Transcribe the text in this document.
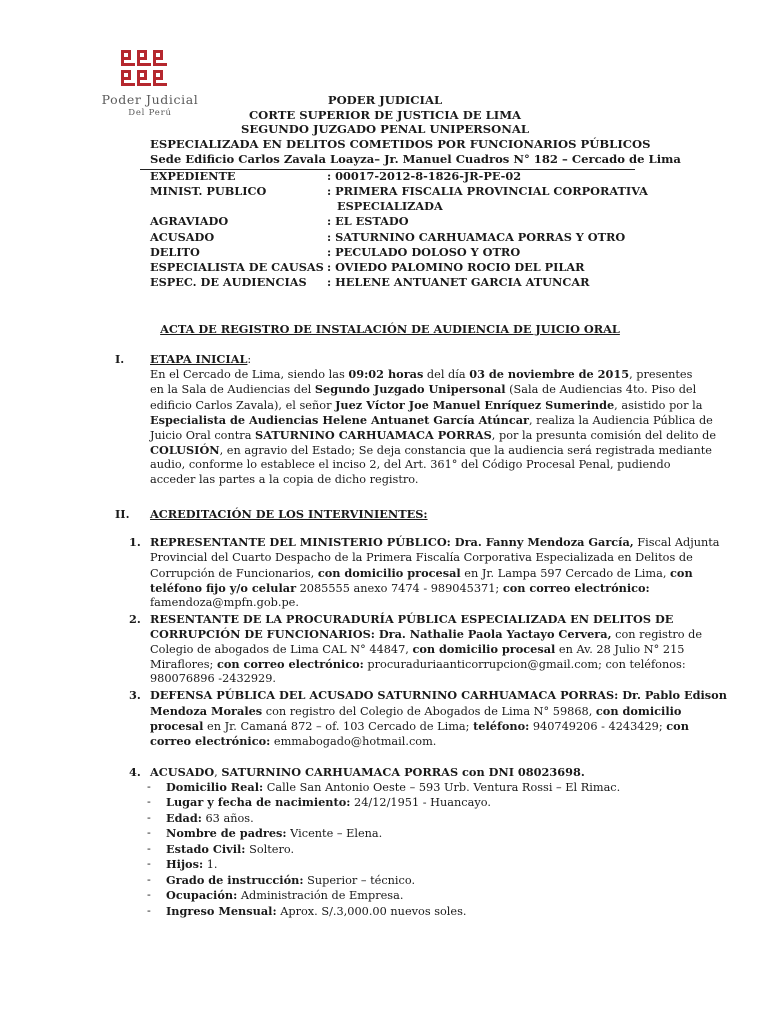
Poder Judicial
Del Perú
PODER JUDICIAL
CORTE SUPERIOR DE JUSTICIA DE LIMA
SEGUNDO JUZGADO PENAL UNIPERSONAL
ESPECIALIZADA EN DELITOS COMETIDOS POR FUNCIONARIOS PÚBLICOS
Sede Edificio Carlos Zavala Loayza– Jr. Manuel Cuadros N° 182 – Cercado de Lima
EXPEDIENTE	: 00017-2012-8-1826-JR-PE-02
MINIST. PUBLICO	: PRIMERA FISCALIA PROVINCIAL CORPORATIVA
ESPECIALIZADA
AGRAVIADO	: EL ESTADO
ACUSADO	: SATURNINO CARHUAMACA PORRAS Y OTRO
DELITO	: PECULADO DOLOSO Y OTRO
ESPECIALISTA DE CAUSAS : OVIEDO PALOMINO ROCIO DEL PILAR
ESPEC. DE AUDIENCIAS : HELENE ANTUANET GARCIA ATUNCAR
ACTA DE REGISTRO DE INSTALACIÓN DE AUDIENCIA DE JUICIO ORAL
I. ETAPA INICIAL:
En el Cercado de Lima, siendo las 09:02 horas del día 03 de noviembre de 2015, presentes
en la Sala de Audiencias del Segundo Juzgado Unipersonal (Sala de Audiencias 4to. Piso del
edificio Carlos Zavala), el señor Juez Víctor Joe Manuel Enríquez Sumerinde, asistido por la
Especialista de Audiencias Helene Antuanet García Atúncar, realiza la Audiencia Pública de
Juicio Oral contra SATURNINO CARHUAMACA PORRAS, por la presunta comisión del delito de
COLUSIÓN, en agravio del Estado; Se deja constancia que la audiencia será registrada mediante
audio, conforme lo establece el inciso 2, del Art. 361° del Código Procesal Penal, pudiendo
acceder las partes a la copia de dicho registro.
II. ACREDITACIÓN DE LOS INTERVINIENTES:
1. REPRESENTANTE DEL MINISTERIO PÚBLICO: Dra. Fanny Mendoza García, Fiscal Adjunta
Provincial del Cuarto Despacho de la Primera Fiscalía Corporativa Especializada en Delitos de
Corrupción de Funcionarios, con domicilio procesal en Jr. Lampa 597 Cercado de Lima, con
teléfono fijo y/o celular 2085555 anexo 7474 - 989045371; con correo electrónico:
famendoza@mpfn.gob.pe.
2. RESENTANTE DE LA PROCURADURÍA PÚBLICA ESPECIALIZADA EN DELITOS DE
CORRUPCIÓN DE FUNCIONARIOS: Dra. Nathalie Paola Yactayo Cervera, con registro de
Colegio de abogados de Lima CAL N° 44847, con domicilio procesal en Av. 28 Julio N° 215
Miraflores; con correo electrónico: procuraduriaanticorrupcion@gmail.com; con teléfonos:
980076896 -2432929.
3. DEFENSA PÚBLICA DEL ACUSADO SATURNINO CARHUAMACA PORRAS: Dr. Pablo Edison
Mendoza Morales con registro del Colegio de Abogados de Lima N° 59868, con domicilio
procesal en Jr. Camaná 872 – of. 103 Cercado de Lima; teléfono: 940749206 - 4243429; con
correo electrónico: emmabogado@hotmail.com.
4. ACUSADO, SATURNINO CARHUAMACA PORRAS con DNI 08023698.
- Domicilio Real: Calle San Antonio Oeste – 593 Urb. Ventura Rossi – El Rimac.
- Lugar y fecha de nacimiento: 24/12/1951 - Huancayo.
- Edad: 63 años.
- Nombre de padres: Vicente – Elena.
- Estado Civil: Soltero.
- Hijos: 1.
- Grado de instrucción: Superior – técnico.
- Ocupación: Administración de Empresa.
- Ingreso Mensual: Aprox. S/.3,000.00 nuevos soles.
